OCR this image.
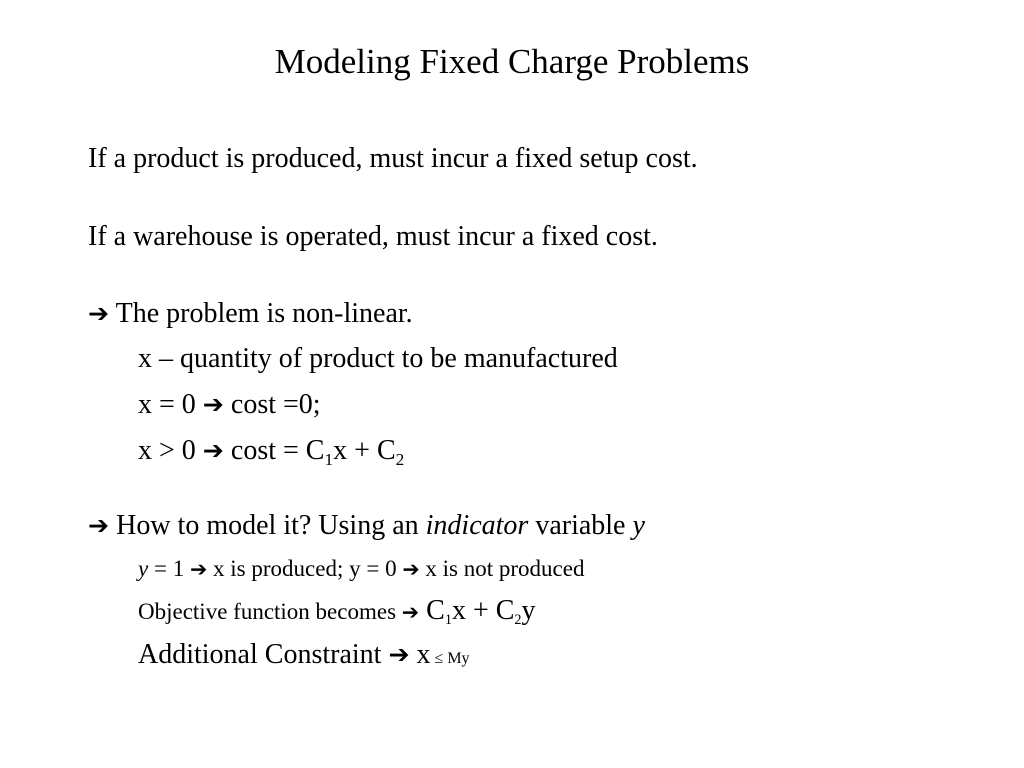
Modeling Fixed Charge Problems
If a product is produced, must incur a fixed setup cost.
If a warehouse is operated, must incur a fixed cost.
➔ The problem is non-linear.
x – quantity of product to be manufactured
x = 0 ➔ cost =0;
x > 0 ➔ $\cos t = C_1x + C_2$
➔ How to model it? Using an indicator variable y
y = 1 ➔ x is produced; y = 0 ➔ x is not produced
Objective function becomes ➔ $C_1x + C_2y$
Additional Constraint ➔ x ≤ My
